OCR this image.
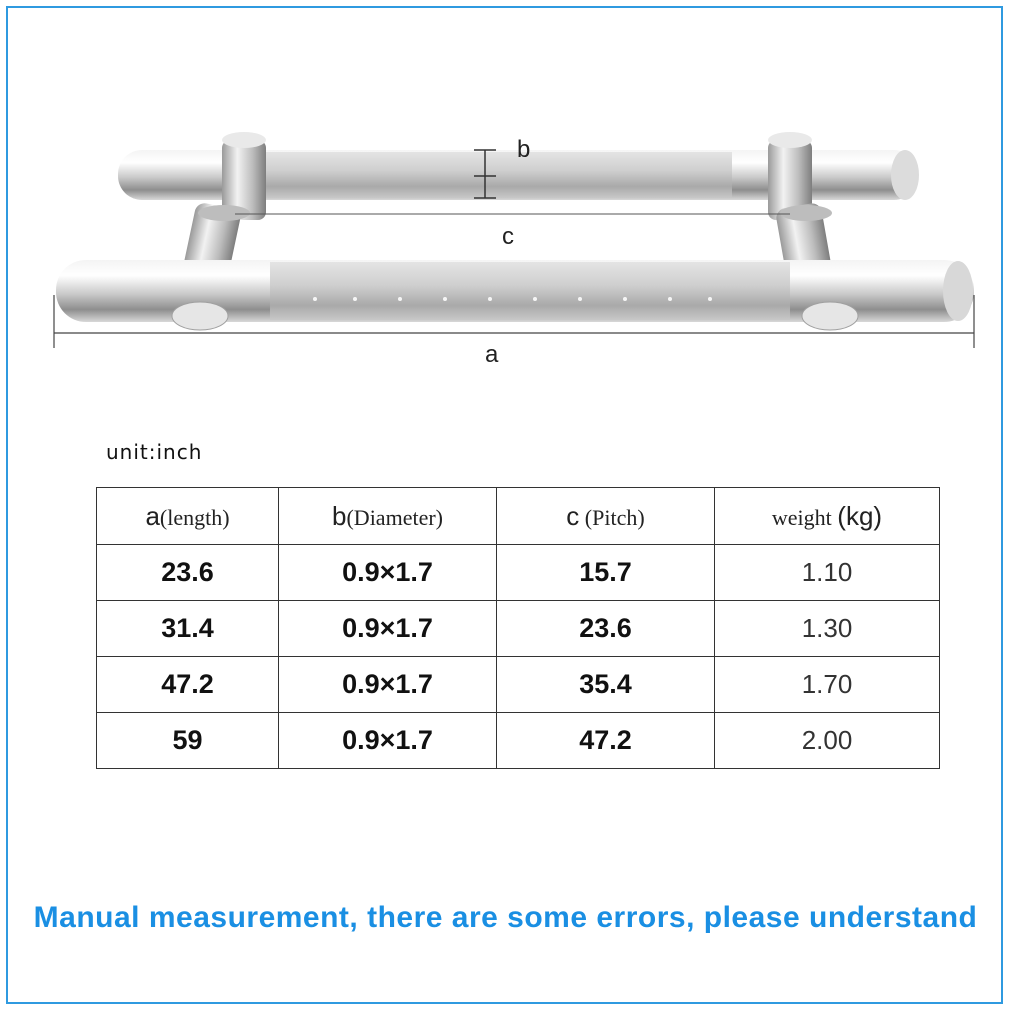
b
c
a
unit:inch
a(length)	b(Diameter)	c (Pitch)	weight (kg)
23.6	0.9×1.7	15.7	1.10
31.4	0.9×1.7	23.6	1.30
47.2	0.9×1.7	35.4	1.70
59	0.9×1.7	47.2	2.00
Manual measurement, there are some errors, please understand
